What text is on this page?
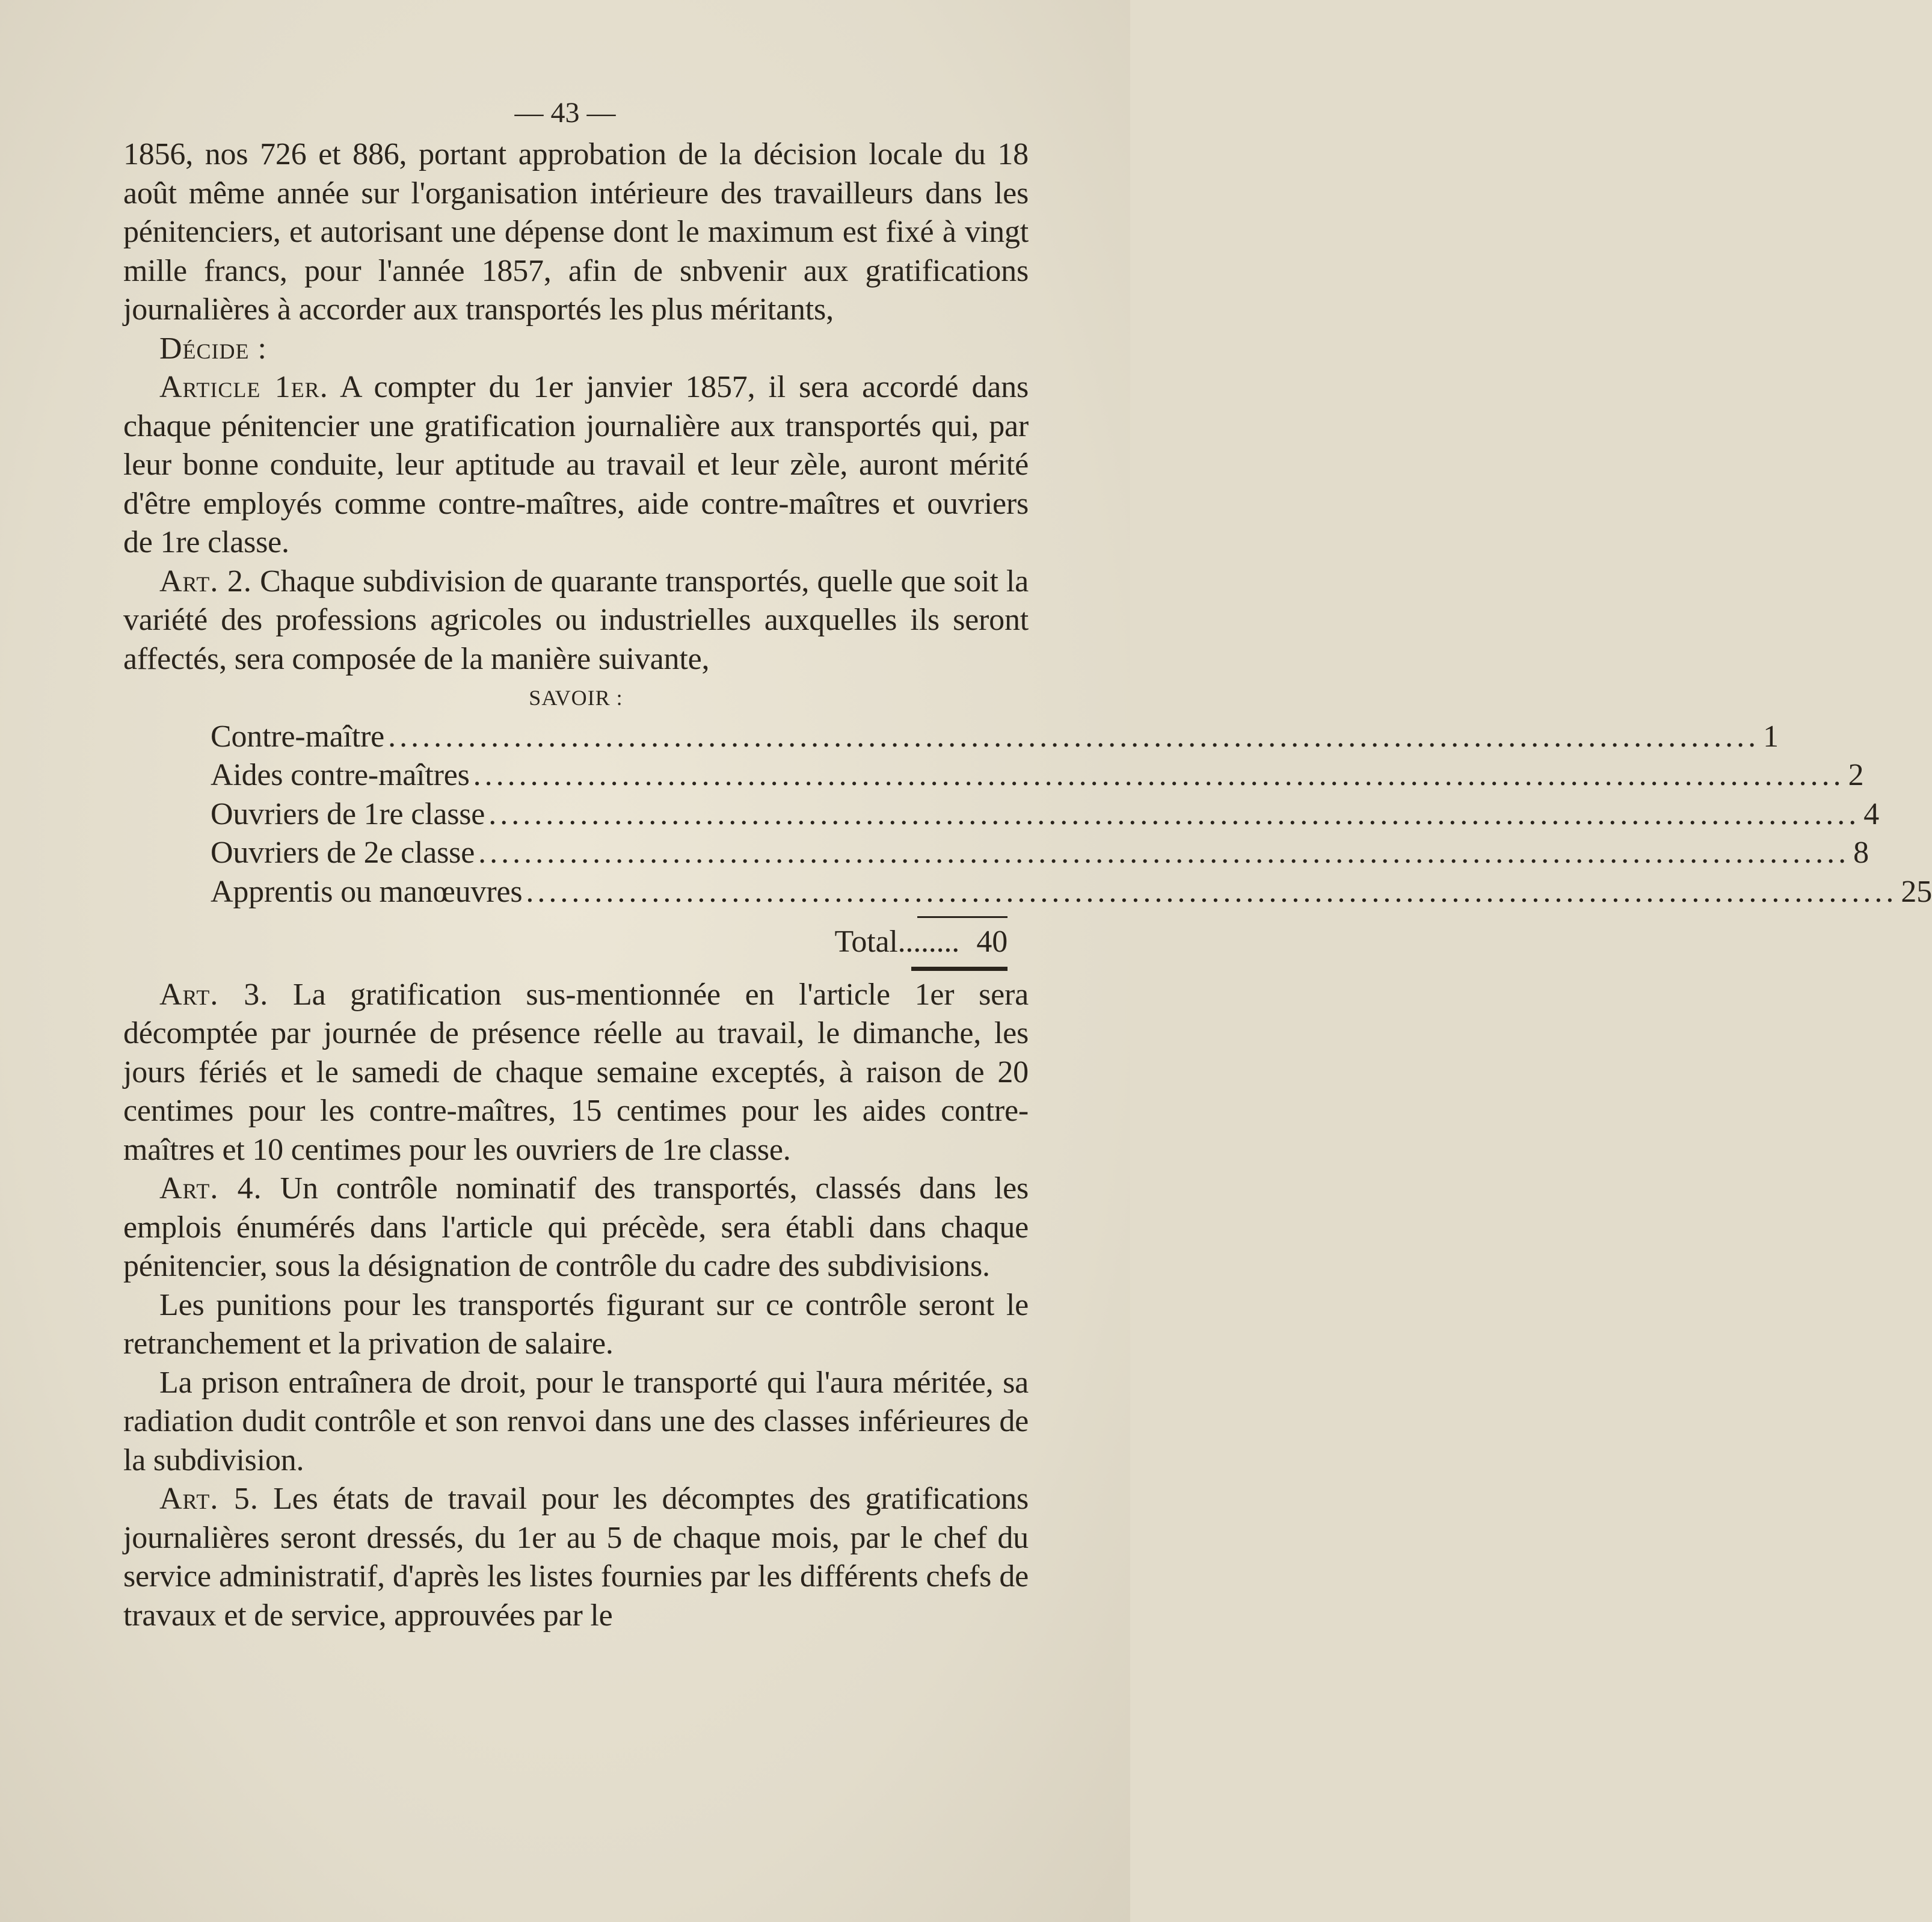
— 43 —

1856, nos 726 et 886, portant approbation de la décision locale du 18 août même année sur l'organisation intérieure des travailleurs dans les pénitenciers, et autorisant une dépense dont le maximum est fixé à vingt mille francs, pour l'année 1857, afin de snbvenir aux gratifications journalières à accorder aux transportés les plus méritants,

Décide :

Article 1er. A compter du 1er janvier 1857, il sera accordé dans chaque pénitencier une gratification journalière aux transportés qui, par leur bonne conduite, leur aptitude au travail et leur zèle, auront mérité d'être employés comme contre-maîtres, aide contre-maîtres et ouvriers de 1re classe.

Art. 2. Chaque subdivision de quarante transportés, quelle que soit la variété des professions agricoles ou industrielles auxquelles ils seront affectés, sera composée de la manière suivante,

SAVOIR :
Contre-maître ........................................................................................................................ 1
Aides contre-maîtres ........................................................................................................................ 2
Ouvriers de 1re classe ........................................................................................................................ 4
Ouvriers de 2e classe ........................................................................................................................ 8
Apprentis ou manœuvres ........................................................................................................................ 25
Total........ 40

Art. 3. La gratification sus-mentionnée en l'article 1er sera décomptée par journée de présence réelle au travail, le dimanche, les jours fériés et le samedi de chaque semaine exceptés, à raison de 20 centimes pour les contre-maîtres, 15 centimes pour les aides contre-maîtres et 10 centimes pour les ouvriers de 1re classe.

Art. 4. Un contrôle nominatif des transportés, classés dans les emplois énumérés dans l'article qui précède, sera établi dans chaque pénitencier, sous la désignation de contrôle du cadre des subdivisions.

Les punitions pour les transportés figurant sur ce contrôle seront le retranchement et la privation de salaire.

La prison entraînera de droit, pour le transporté qui l'aura méritée, sa radiation dudit contrôle et son renvoi dans une des classes inférieures de la subdivision.

Art. 5. Les états de travail pour les décomptes des gratifications journalières seront dressés, du 1er au 5 de chaque mois, par le chef du service administratif, d'après les listes fournies par les différents chefs de travaux et de service, approuvées par le
